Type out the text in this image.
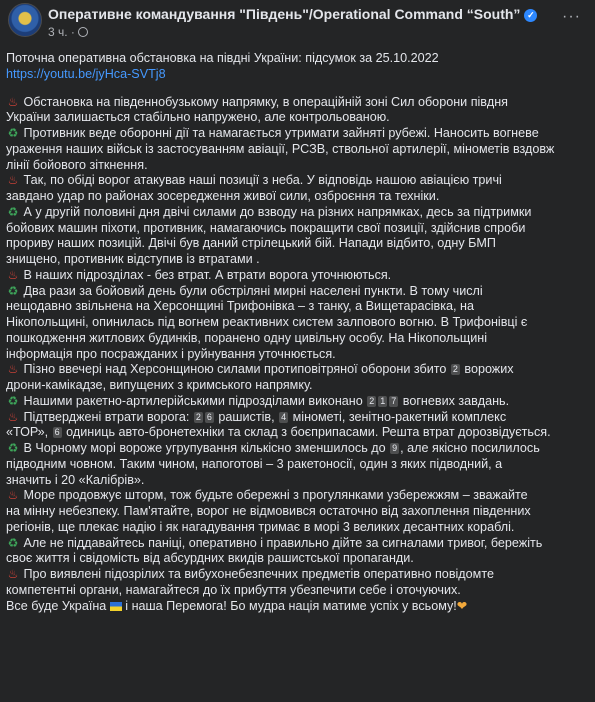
Оперативне командування "Південь"/Operational Command “South” ✓
3 ч. ·
···
Поточна оперативна обстановка на півдні України: підсумок за 25.10.2022
https://youtu.be/jyHca-SVTj8
♨ Обстановка на південнобузькому напрямку, в операційній зоні Сил оборони півдня
України залишається стабільно напружено, але контрольованою.
♻ Противник веде оборонні дії та намагається утримати зайняті рубежі. Наносить вогневе
ураження наших військ із застосуванням авіації, РСЗВ, ствольної артилерії, мінометів вздовж
лінії бойового зіткнення.
♨ Так, по обіді ворог атакував наші позиції з неба. У відповідь нашою авіацією тричі
завдано удар по районах зосередження живої сили, озброєння та техніки.
♻ А у другій половині дня двічі силами до взводу на різних напрямках, десь за підтримки
бойових машин піхоти, противник, намагаючись покращити свої позиції, здійснив спроби
прориву наших позицій. Двічі був даний стрілецький бій. Напади відбито, одну БМП
знищено, противник відступив із втратами .
♨ В наших підрозділах - без втрат. А втрати ворога уточнюються.
♻ Два рази за бойовий день були обстріляні мирні населені пункти. В тому числі
нещодавно звільнена на Херсонщині Трифонівка – з танку, а Вищетарасівка, на
Нікопольщині, опинилась під вогнем реактивних систем залпового вогню. В Трифонівці є
пошкодження житлових будинків, поранено одну цивільну особу. На Нікопольщині
інформація про посражданих і руйнування уточнюється.
♨ Пізно ввечері над Херсонщиною силами протиповітряної оборони збито 2 ворожих
дрони-камікадзе, випущених з кримського напрямку.
♻ Нашими ракетно-артилерійськими підрозділами виконано 2 1 7 вогневих завдань.
♨ Підтверджені втрати ворога: 2 6 рашистів, 4 мінометі, зенітно-ракетний комплекс
«ТОР», 6 одиниць авто-бронетехніки та склад з боєприпасами. Решта втрат дорозвідується.
♻ В Чорному морі вороже угрупування кількісно зменшилось до 9 , але якісно посилилось
підводним човном. Таким чином, напоготові – 3 ракетоносії, один з яких підводний, а
значить і 20 «Калібрів».
♨ Море продовжує шторм, тож будьте обережні з прогулянками узбережжям – зважайте
на мінну небезпеку. Пам'ятайте, ворог не відмовився остаточно від захоплення південних
регіонів, ще плекає надію і як нагадування тримає в морі 3 великих десантних кораблі.
♻ Але не піддавайтесь паніці, оперативно і правильно дійте за сигналами тривог, бережіть
своє життя і свідомість від абсурдних вкидів рашистської пропаганди.
♨ Про виявлені підозрілих та вибухонебезпечних предметів оперативно повідомте
компетентні органи, намагайтеся до їх прибуття убезпечити себе і оточуючих.
Все буде Україна і наша Перемога! Бо мудра нація матиме успіх у всьому!❤
